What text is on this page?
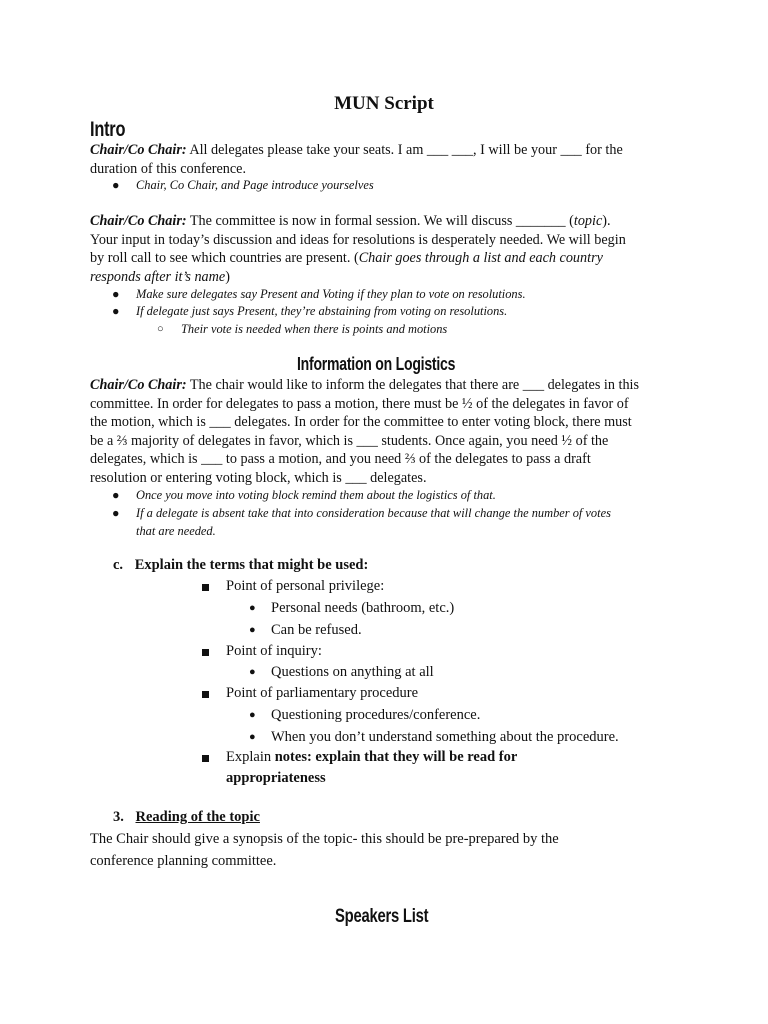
MUN Script
Intro
Chair/Co Chair: All delegates please take your seats. I am ___ ___, I will be your ___ for the
duration of this conference.
● Chair, Co Chair, and Page introduce yourselves
Chair/Co Chair: The committee is now in formal session. We will discuss _______ (topic).
Your input in today’s discussion and ideas for resolutions is desperately needed. We will begin
by roll call to see which countries are present. (Chair goes through a list and each country
responds after it’s name)
● Make sure delegates say Present and Voting if they plan to vote on resolutions.
● If delegate just says Present, they’re abstaining from voting on resolutions.
○ Their vote is needed when there is points and motions
Information on Logistics
Chair/Co Chair: The chair would like to inform the delegates that there are ___ delegates in this
committee. In order for delegates to pass a motion, there must be ½ of the delegates in favor of
the motion, which is ___ delegates. In order for the committee to enter voting block, there must
be a ⅔ majority of delegates in favor, which is ___ students. Once again, you need ½ of the
delegates, which is ___ to pass a motion, and you need ⅔ of the delegates to pass a draft
resolution or entering voting block, which is ___ delegates.
● Once you move into voting block remind them about the logistics of that.
● If a delegate is absent take that into consideration because that will change the number of votes
that are needed.
c. Explain the terms that might be used:
Point of personal privilege:
● Personal needs (bathroom, etc.)
● Can be refused.
Point of inquiry:
● Questions on anything at all
Point of parliamentary procedure
● Questioning procedures/conference.
● When you don’t understand something about the procedure.
Explain notes: explain that they will be read for
appropriateness
3. Reading of the topic
The Chair should give a synopsis of the topic- this should be pre-prepared by the
conference planning committee.
Speakers List
